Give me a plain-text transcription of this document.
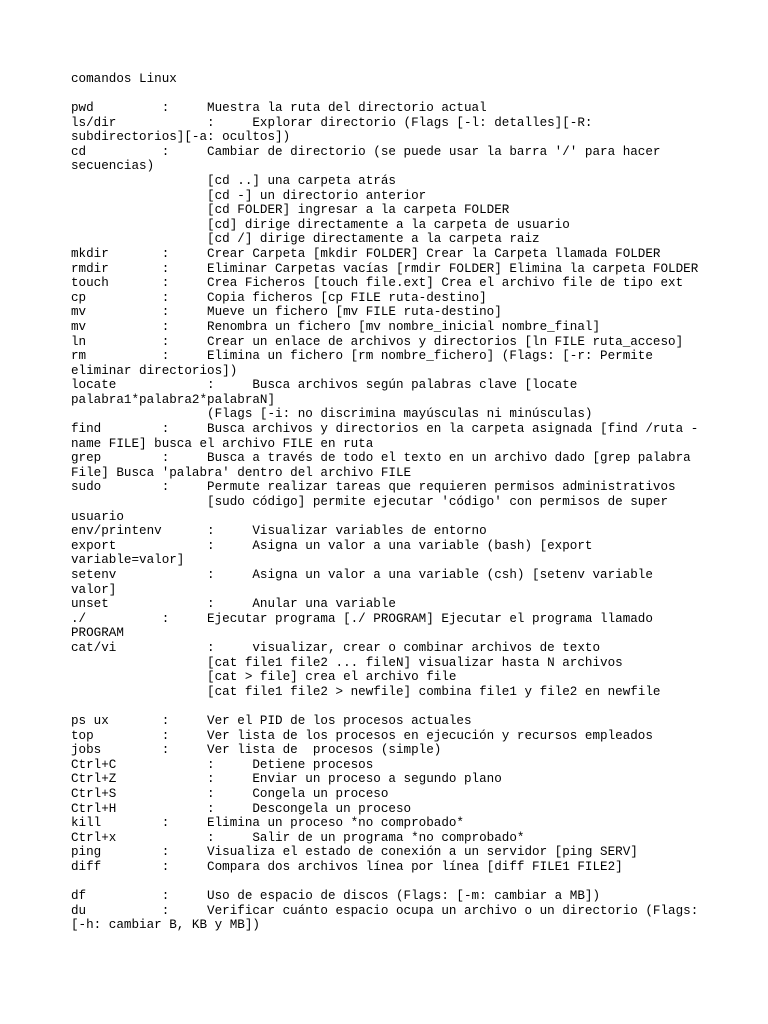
comandos Linux
pwd         :     Muestra la ruta del directorio actual
ls/dir            :     Explorar directorio (Flags [-l: detalles][-R:
subdirectorios][-a: ocultos])
cd          :     Cambiar de directorio (se puede usar la barra '/' para hacer
secuencias)
[cd ..] una carpeta atrás
[cd -] un directorio anterior
[cd FOLDER] ingresar a la carpeta FOLDER
[cd] dirige directamente a la carpeta de usuario
[cd /] dirige directamente a la carpeta raiz
mkdir       :     Crear Carpeta [mkdir FOLDER] Crear la Carpeta llamada FOLDER
rmdir       :     Eliminar Carpetas vacías [rmdir FOLDER] Elimina la carpeta FOLDER
touch       :     Crea Ficheros [touch file.ext] Crea el archivo file de tipo ext
cp          :     Copia ficheros [cp FILE ruta-destino]
mv          :     Mueve un fichero [mv FILE ruta-destino]
mv          :     Renombra un fichero [mv nombre_inicial nombre_final]
ln          :     Crear un enlace de archivos y directorios [ln FILE ruta_acceso]
rm          :     Elimina un fichero [rm nombre_fichero] (Flags: [-r: Permite
eliminar directorios])
locate            :     Busca archivos según palabras clave [locate
palabra1*palabra2*palabraN]
(Flags [-i: no discrimina mayúsculas ni minúsculas)
find        :     Busca archivos y directorios en la carpeta asignada [find /ruta -
name FILE] busca el archivo FILE en ruta
grep        :     Busca a través de todo el texto en un archivo dado [grep palabra
File] Busca 'palabra' dentro del archivo FILE
sudo        :     Permute realizar tareas que requieren permisos administrativos
[sudo código] permite ejecutar 'código' con permisos de super
usuario
env/printenv      :     Visualizar variables de entorno
export            :     Asigna un valor a una variable (bash) [export
variable=valor]
setenv            :     Asigna un valor a una variable (csh) [setenv variable
valor]
unset             :     Anular una variable
./          :     Ejecutar programa [./ PROGRAM] Ejecutar el programa llamado
PROGRAM
cat/vi            :     visualizar, crear o combinar archivos de texto
[cat file1 file2 ... fileN] visualizar hasta N archivos
[cat > file] crea el archivo file
[cat file1 file2 > newfile] combina file1 y file2 en newfile

ps ux       :     Ver el PID de los procesos actuales
top         :     Ver lista de los procesos en ejecución y recursos empleados
jobs        :     Ver lista de  procesos (simple)
Ctrl+C            :     Detiene procesos
Ctrl+Z            :     Enviar un proceso a segundo plano
Ctrl+S            :     Congela un proceso
Ctrl+H            :     Descongela un proceso
kill        :     Elimina un proceso *no comprobado*
Ctrl+x            :     Salir de un programa *no comprobado*
ping        :     Visualiza el estado de conexión a un servidor [ping SERV]
diff        :     Compara dos archivos línea por línea [diff FILE1 FILE2]

df          :     Uso de espacio de discos (Flags: [-m: cambiar a MB])
du          :     Verificar cuánto espacio ocupa un archivo o un directorio (Flags:
[-h: cambiar B, KB y MB])
